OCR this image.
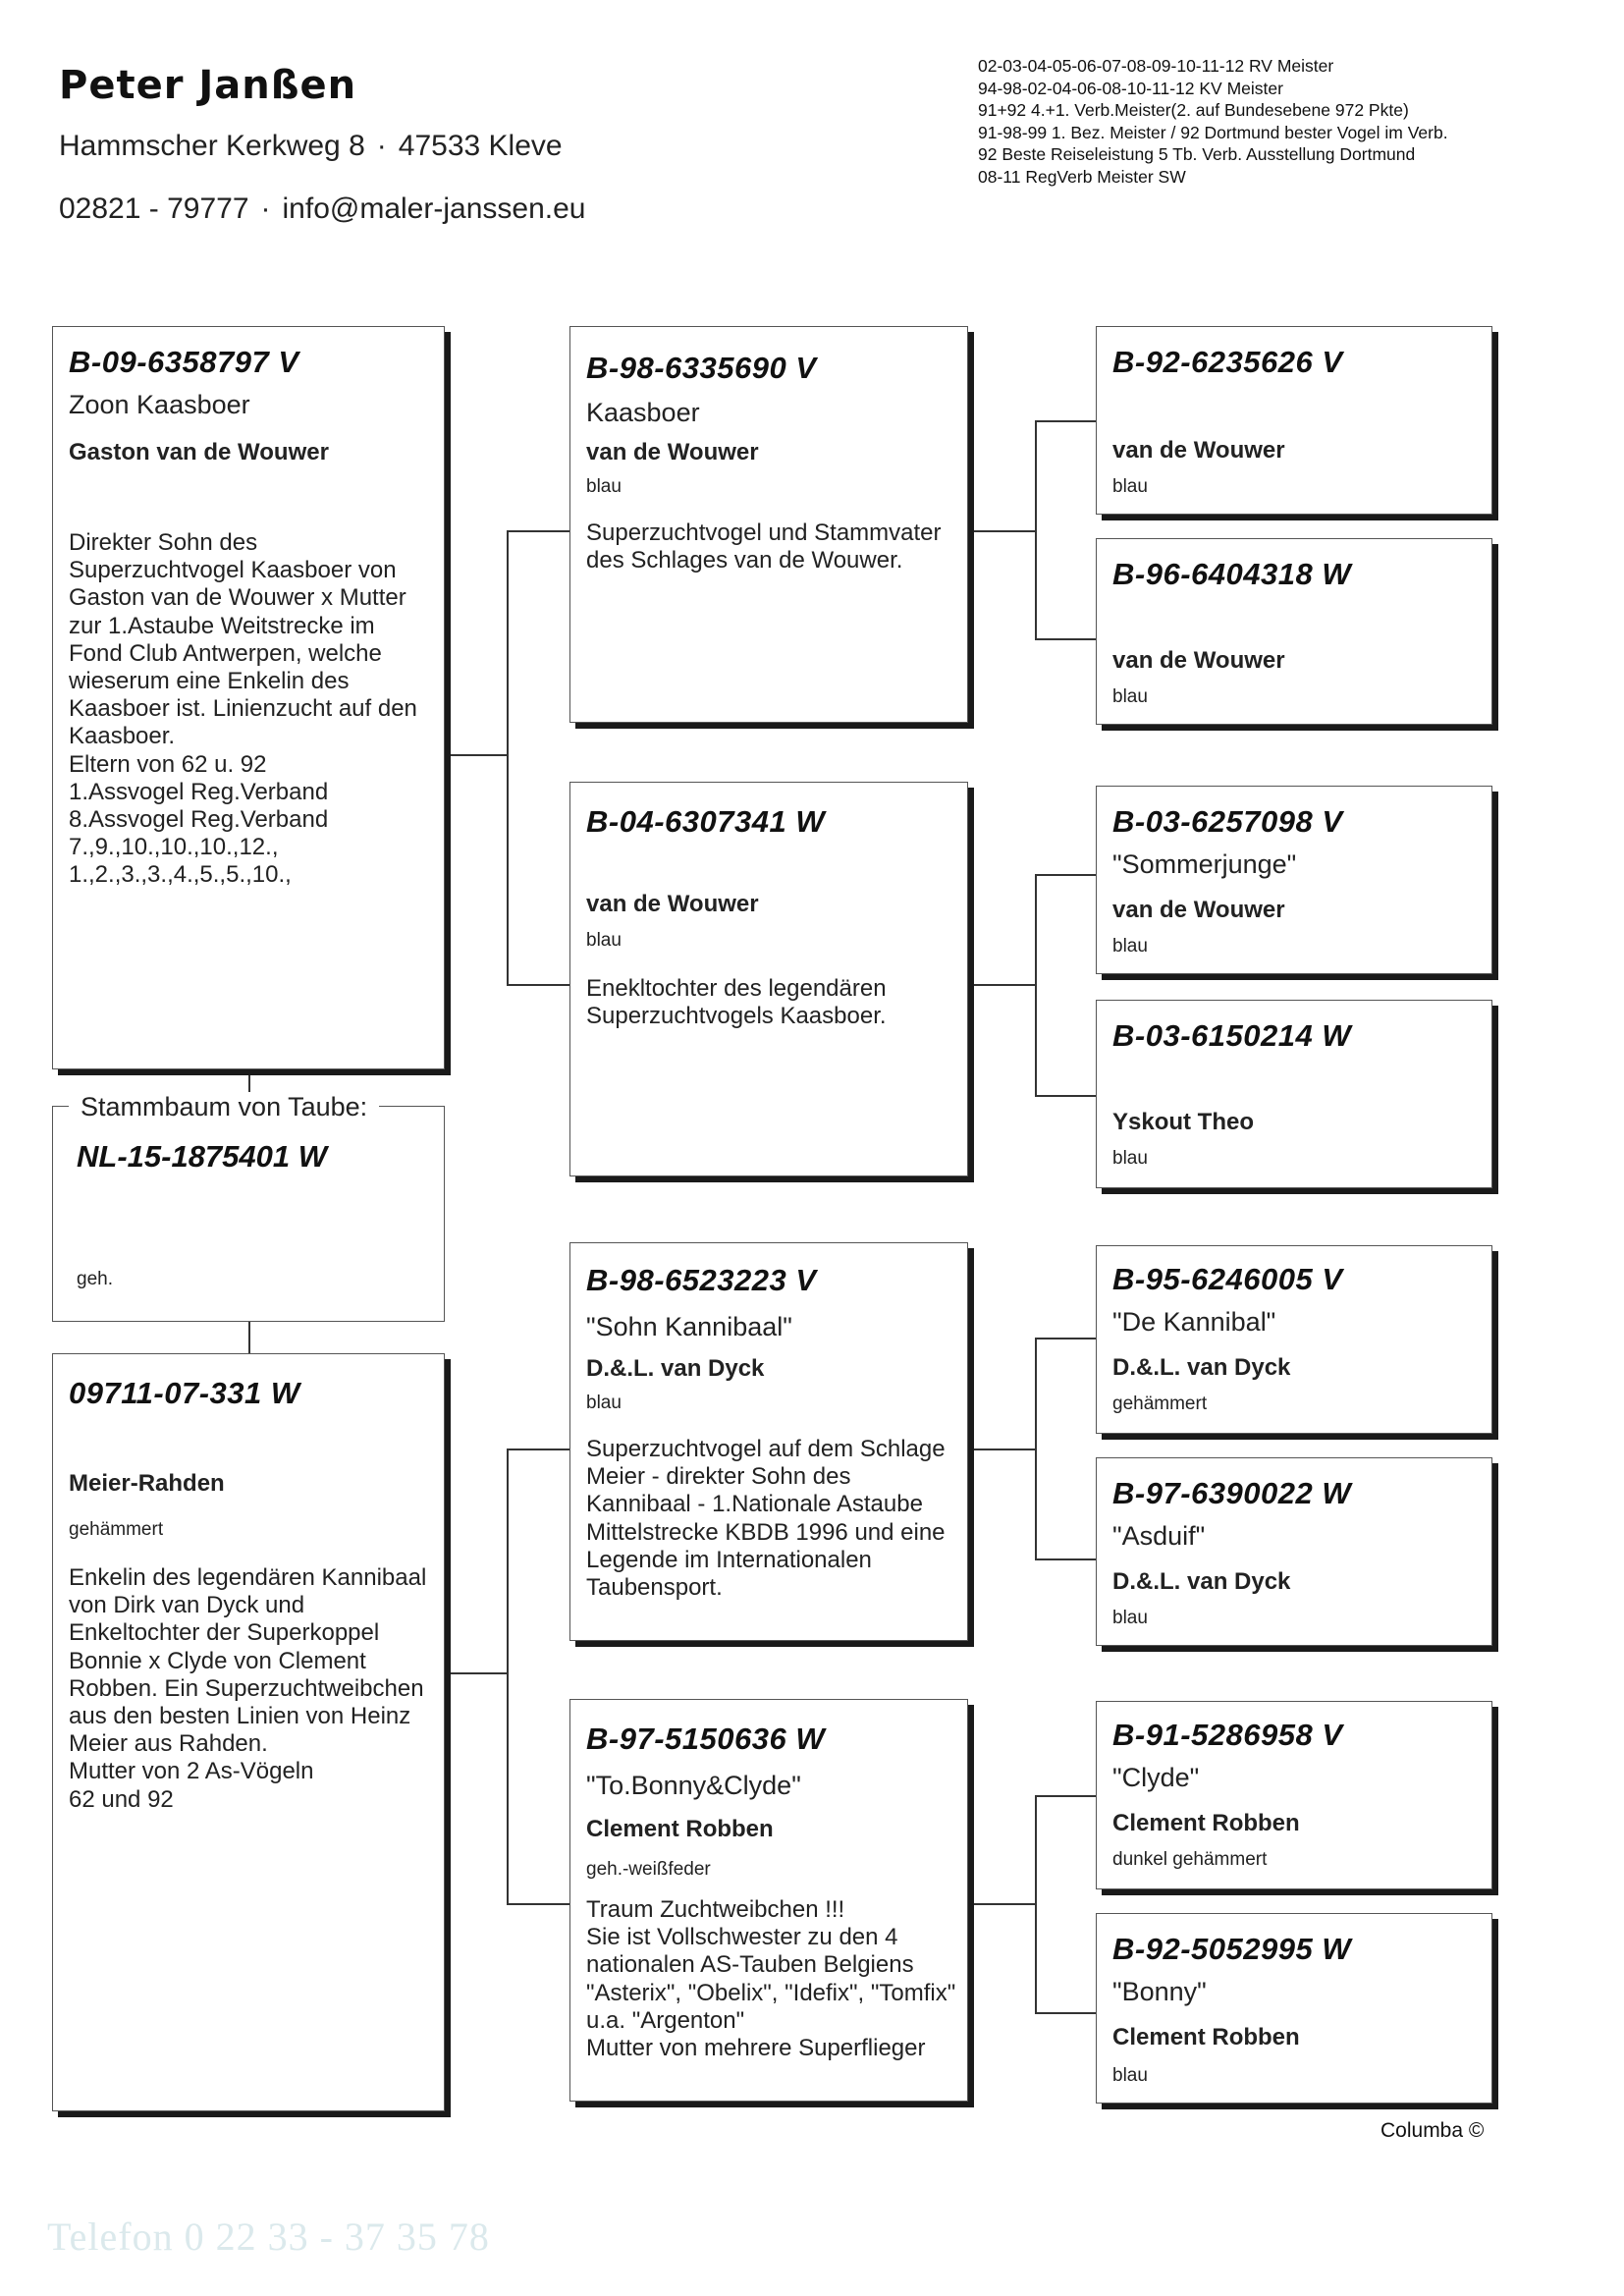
Peter Janßen
Hammscher Kerkweg 8 · 47533 Kleve
02821 - 79777 · info@maler-janssen.eu
02-03-04-05-06-07-08-09-10-11-12 RV Meister
94-98-02-04-06-08-10-11-12 KV Meister
91+92 4.+1. Verb.Meister(2. auf Bundesebene 972 Pkte)
91-98-99 1. Bez. Meister / 92 Dortmund bester Vogel im Verb.
92 Beste Reiseleistung 5 Tb. Verb. Ausstellung Dortmund
08-11 RegVerb Meister SW
Stammbaum von Taube:
NL-15-1875401 W
geh.
B-09-6358797 V
Zoon Kaasboer
Gaston van de Wouwer
Direkter Sohn des Superzuchtvogel Kaasboer von Gaston van de Wouwer x Mutter zur 1.Astaube Weitstrecke im Fond Club Antwerpen, welche wieserum eine Enkelin des Kaasboer ist. Linienzucht auf den Kaasboer.
Eltern von 62 u. 92
1.Assvogel Reg.Verband
8.Assvogel Reg.Verband
7.,9.,10.,10.,10.,12.,
1.,2.,3.,3.,4.,5.,5.,10.,
09711-07-331 W
Meier-Rahden
gehämmert
Enkelin des legendären Kannibaal von Dirk van Dyck und Enkeltochter der Superkoppel Bonnie x Clyde von Clement Robben. Ein Superzuchtweibchen aus den besten Linien von Heinz Meier aus Rahden.
Mutter von 2 As-Vögeln
62 und 92
B-98-6335690 V
Kaasboer
van de Wouwer
blau
Superzuchtvogel und Stammvater des Schlages van de Wouwer.
B-04-6307341 W
van de Wouwer
blau
Enekltochter des legendären Superzuchtvogels Kaasboer.
B-98-6523223 V
"Sohn Kannibaal"
D.&.L. van Dyck
blau
Superzuchtvogel auf dem Schlage Meier - direkter Sohn des Kannibaal - 1.Nationale Astaube Mittelstrecke KBDB 1996 und eine Legende im Internationalen Taubensport.
B-97-5150636 W
"To.Bonny&Clyde"
Clement Robben
geh.-weißfeder
Traum Zuchtweibchen !!!
Sie ist Vollschwester zu den 4 nationalen AS-Tauben Belgiens "Asterix", "Obelix", "Idefix", "Tomfix" u.a. "Argenton"
Mutter von mehrere Superflieger
B-92-6235626 V
van de Wouwer
blau
B-96-6404318 W
van de Wouwer
blau
B-03-6257098 V
"Sommerjunge"
van de Wouwer
blau
B-03-6150214 W
Yskout Theo
blau
B-95-6246005 V
"De Kannibal"
D.&.L. van Dyck
gehämmert
B-97-6390022 W
"Asduif"
D.&.L. van Dyck
blau
B-91-5286958 V
"Clyde"
Clement Robben
dunkel gehämmert
B-92-5052995 W
"Bonny"
Clement Robben
blau
Columba ©
Telefon 0 22 33 - 37 35 78
